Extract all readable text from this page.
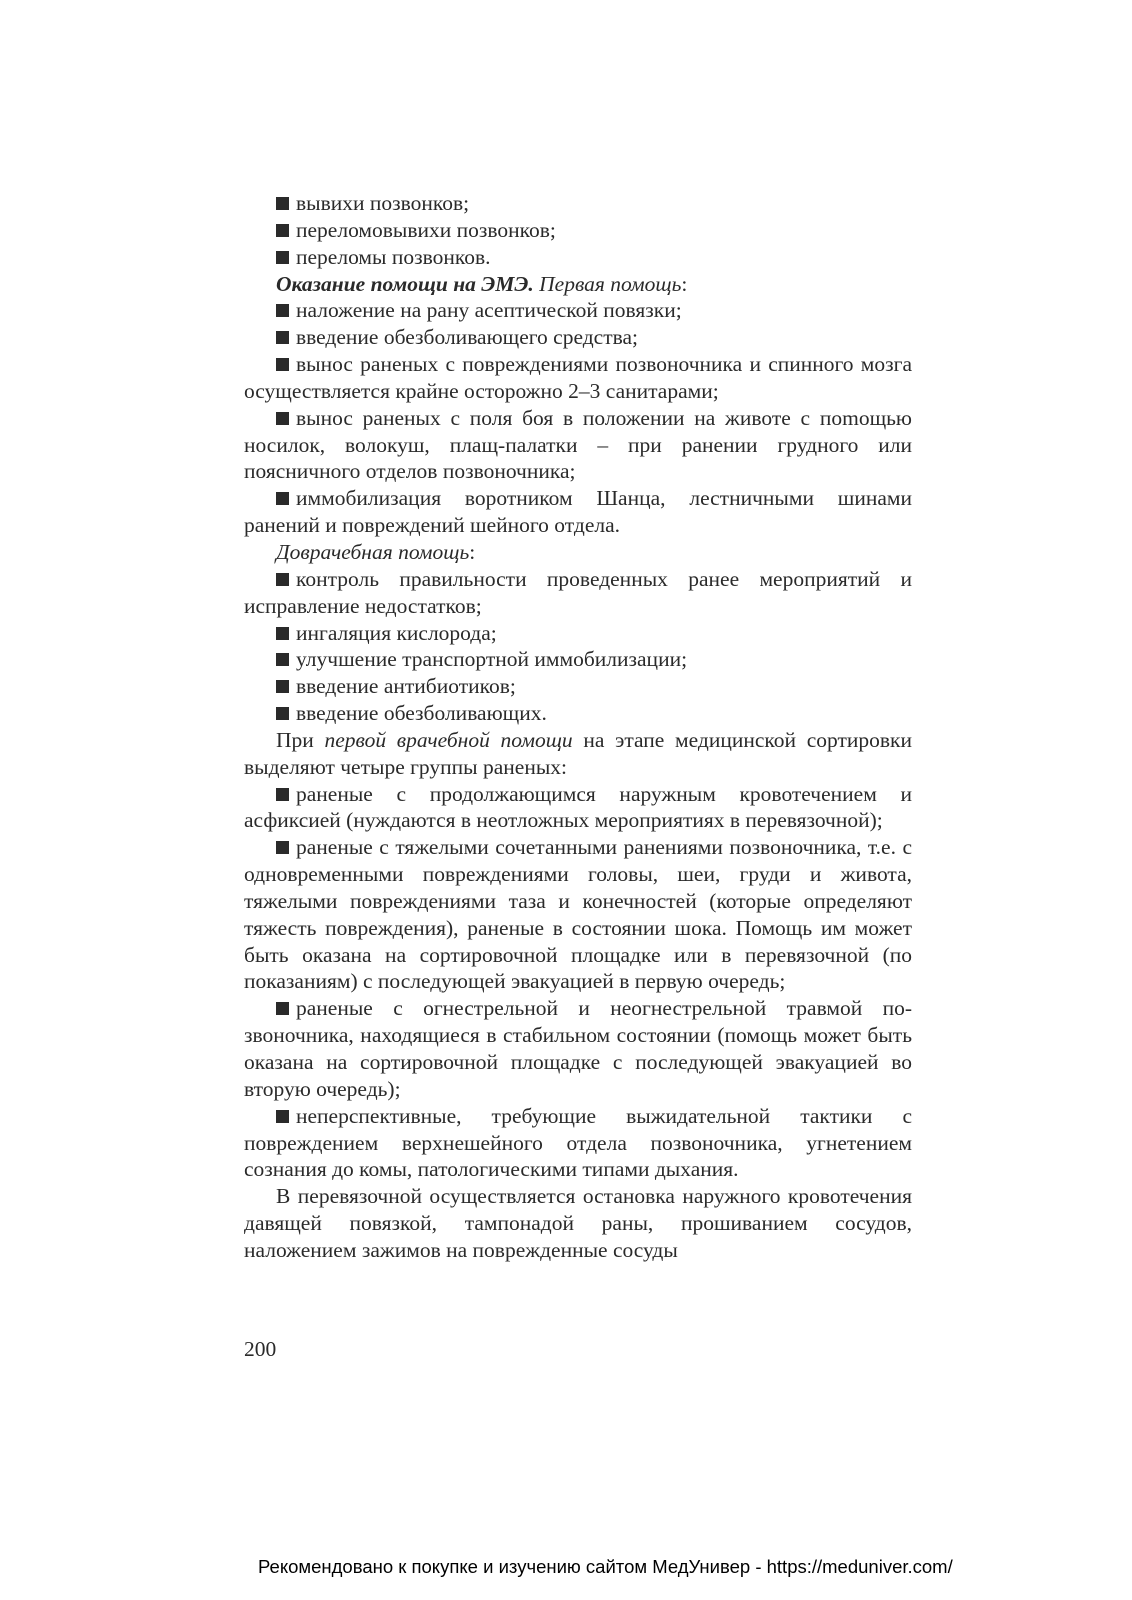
вывихи позвонков;

переломовывихи позвонков;

переломы позвонков.

Оказание помощи на ЭМЭ. Первая помощь:

наложение на рану асептической повязки;

введение обезболивающего средства;

вынос раненых с повреждениями позвоночника и спинного мозга осуществляется крайне осторожно 2–3 санитарами;

вынос раненых с поля боя в положении на животе с поmощью носилок, волокуш, плащ-палатки – при ранении грудного или поясничного отделов позвоночника;

иммобилизация воротником Шанца, лестничными шинами ранений и повреждений шейного отдела.

Доврачебная помощь:

контроль правильности проведенных ранее мероприятий и исправление недостатков;

ингаляция кислорода;

улучшение транспортной иммобилизации;

введение антибиотиков;

введение обезболивающих.

При первой врачебной помощи на этапе медицинской сортировки выделяют четыре группы раненых:

раненые с продолжающимся наружным кровотечением и асфиксией (нуждаются в неотложных мероприятиях в перевязочной);

раненые с тяжелыми сочетанными ранениями позвоночника, т.е. с одновременными повреждениями головы, шеи, груди и живота, тяжелыми повреждениями таза и конечностей (которые определяют тяжесть повреждения), раненые в состоянии шока. Помощь им может быть оказана на сортировочной площадке или в перевязочной (по показаниям) с последующей эвакуацией в первую очередь;

раненые с огнестрельной и неогнестрельной травмой позвоночника, находящиеся в стабильном состоянии (помощь может быть оказана на сортировочной площадке с последующей эвакуацией во вторую очередь);

неперспективные, требующие выжидательной тактики с повреждением верхнешейного отдела позвоночника, угнетением сознания до комы, патологическими типами дыхания.

В перевязочной осуществляется остановка наружного кровотечения давящей повязкой, тампонадой раны, прошиванием сосудов, наложением зажимов на поврежденные сосуды

200
Рекомендовано к покупке и изучению сайтом МедУнивер - https://meduniver.com/
